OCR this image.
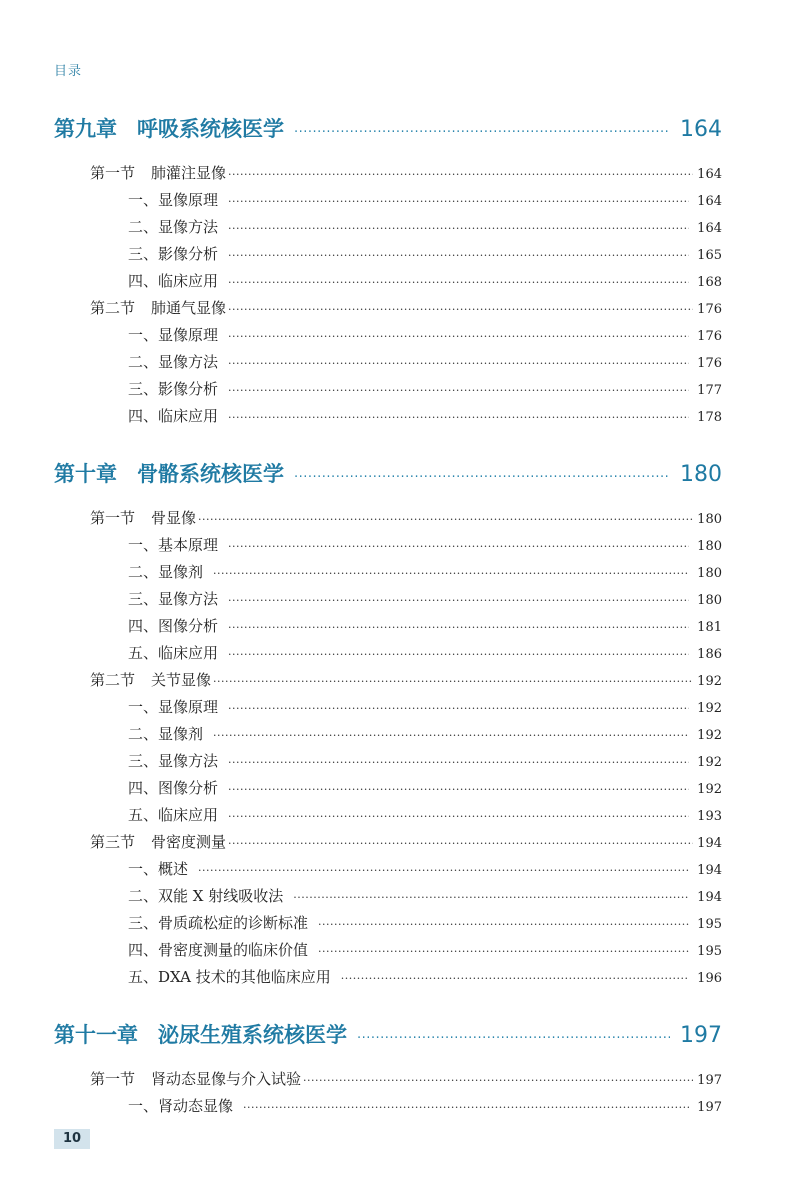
目录
第九章 呼吸系统核医学 ·····	164
第一节 肺灌注显像 ·····	164
一、显像原理 ·····	164
二、显像方法 ·····	164
三、影像分析 ·····	165
四、临床应用 ·····	168
第二节 肺通气显像 ·····	176
一、显像原理 ·····	176
二、显像方法 ·····	176
三、影像分析 ·····	177
四、临床应用 ·····	178
第十章 骨骼系统核医学 ·····	180
第一节 骨显像 ·····	180
一、基本原理 ·····	180
二、显像剂 ·····	180
三、显像方法 ·····	180
四、图像分析 ·····	181
五、临床应用 ·····	186
第二节 关节显像 ·····	192
一、显像原理 ·····	192
二、显像剂 ·····	192
三、显像方法 ·····	192
四、图像分析 ·····	192
五、临床应用 ·····	193
第三节 骨密度测量 ·····	194
一、概述 ·····	194
二、双能 X 射线吸收法 ·····	194
三、骨质疏松症的诊断标准 ·····	195
四、骨密度测量的临床价值 ·····	195
五、DXA 技术的其他临床应用 ·····	196
第十一章 泌尿生殖系统核医学 ·····	197
第一节 肾动态显像与介入试验 ·····	197
一、肾动态显像 ·····	197
10
